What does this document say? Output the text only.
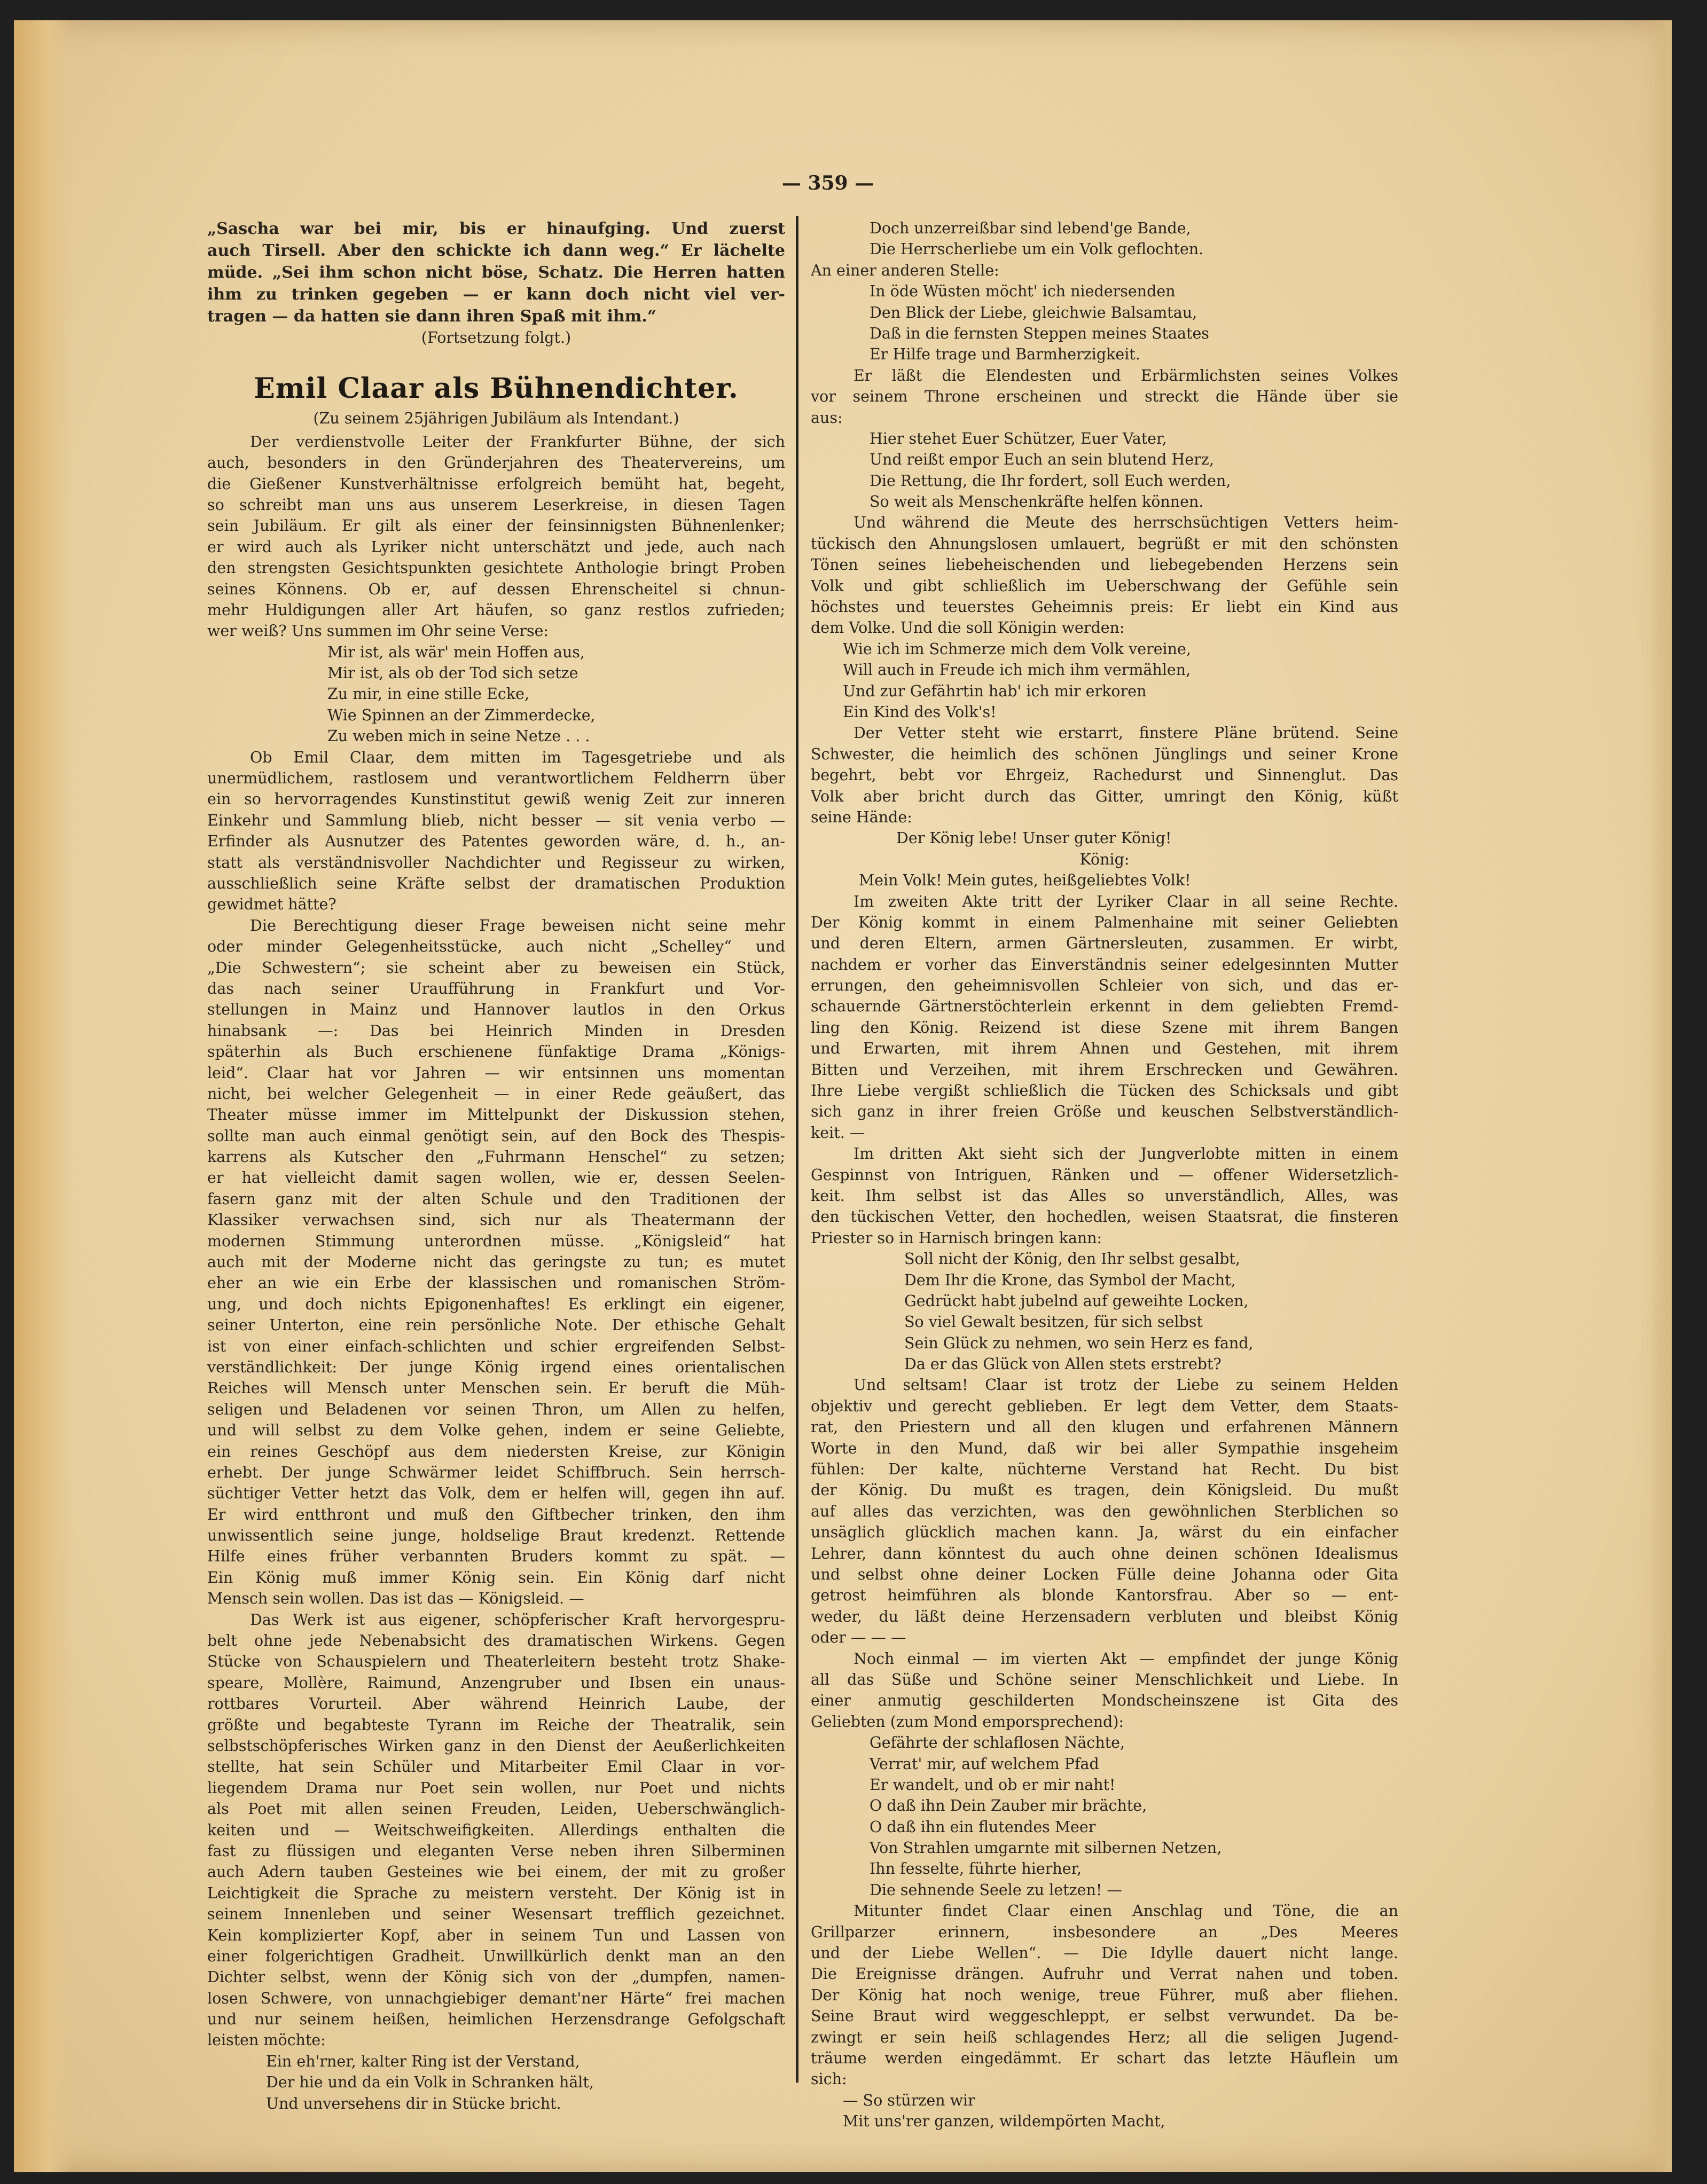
— 359 —
„Sascha war bei mir, bis er hinaufging. Und zuerst
auch Tirsell. Aber den schickte ich dann weg.“ Er lächelte
müde. „Sei ihm schon nicht böse, Schatz. Die Herren hatten
ihm zu trinken gegeben — er kann doch nicht viel ver-
tragen — da hatten sie dann ihren Spaß mit ihm.“
(Fortsetzung folgt.)
Emil Claar als Bühnendichter.
(Zu seinem 25jährigen Jubiläum als Intendant.)
Der verdienstvolle Leiter der Frankfurter Bühne, der sich
auch, besonders in den Gründerjahren des Theatervereins, um
die Gießener Kunstverhältnisse erfolgreich bemüht hat, begeht,
so schreibt man uns aus unserem Leserkreise, in diesen Tagen
sein Jubiläum. Er gilt als einer der feinsinnigsten Bühnenlenker;
er wird auch als Lyriker nicht unterschätzt und jede, auch nach
den strengsten Gesichtspunkten gesichtete Anthologie bringt Proben
seines Könnens. Ob er, auf dessen Ehrenscheitel si chnun-
mehr Huldigungen aller Art häufen, so ganz restlos zufrieden;
wer weiß? Uns summen im Ohr seine Verse:
Mir ist, als wär' mein Hoffen aus,
Mir ist, als ob der Tod sich setze
Zu mir, in eine stille Ecke,
Wie Spinnen an der Zimmerdecke,
Zu weben mich in seine Netze . . .
Ob Emil Claar, dem mitten im Tagesgetriebe und als
unermüdlichem, rastlosem und verantwortlichem Feldherrn über
ein so hervorragendes Kunstinstitut gewiß wenig Zeit zur inneren
Einkehr und Sammlung blieb, nicht besser — sit venia verbo —
Erfinder als Ausnutzer des Patentes geworden wäre, d. h., an-
statt als verständnisvoller Nachdichter und Regisseur zu wirken,
ausschließlich seine Kräfte selbst der dramatischen Produktion
gewidmet hätte?
Die Berechtigung dieser Frage beweisen nicht seine mehr
oder minder Gelegenheitsstücke, auch nicht „Schelley“ und
„Die Schwestern“; sie scheint aber zu beweisen ein Stück,
das nach seiner Uraufführung in Frankfurt und Vor-
stellungen in Mainz und Hannover lautlos in den Orkus
hinabsank —: Das bei Heinrich Minden in Dresden
späterhin als Buch erschienene fünfaktige Drama „Königs-
leid“. Claar hat vor Jahren — wir entsinnen uns momentan
nicht, bei welcher Gelegenheit — in einer Rede geäußert, das
Theater müsse immer im Mittelpunkt der Diskussion stehen,
sollte man auch einmal genötigt sein, auf den Bock des Thespis-
karrens als Kutscher den „Fuhrmann Henschel“ zu setzen;
er hat vielleicht damit sagen wollen, wie er, dessen Seelen-
fasern ganz mit der alten Schule und den Traditionen der
Klassiker verwachsen sind, sich nur als Theatermann der
modernen Stimmung unterordnen müsse. „Königsleid“ hat
auch mit der Moderne nicht das geringste zu tun; es mutet
eher an wie ein Erbe der klassischen und romanischen Ström-
ung, und doch nichts Epigonenhaftes! Es erklingt ein eigener,
seiner Unterton, eine rein persönliche Note. Der ethische Gehalt
ist von einer einfach-schlichten und schier ergreifenden Selbst-
verständlichkeit: Der junge König irgend eines orientalischen
Reiches will Mensch unter Menschen sein. Er beruft die Müh-
seligen und Beladenen vor seinen Thron, um Allen zu helfen,
und will selbst zu dem Volke gehen, indem er seine Geliebte,
ein reines Geschöpf aus dem niedersten Kreise, zur Königin
erhebt. Der junge Schwärmer leidet Schiffbruch. Sein herrsch-
süchtiger Vetter hetzt das Volk, dem er helfen will, gegen ihn auf.
Er wird entthront und muß den Giftbecher trinken, den ihm
unwissentlich seine junge, holdselige Braut kredenzt. Rettende
Hilfe eines früher verbannten Bruders kommt zu spät. —
Ein König muß immer König sein. Ein König darf nicht
Mensch sein wollen. Das ist das — Königsleid. —
Das Werk ist aus eigener, schöpferischer Kraft hervorgespru-
belt ohne jede Nebenabsicht des dramatischen Wirkens. Gegen
Stücke von Schauspielern und Theaterleitern besteht trotz Shake-
speare, Mollère, Raimund, Anzengruber und Ibsen ein unaus-
rottbares Vorurteil. Aber während Heinrich Laube, der
größte und begabteste Tyrann im Reiche der Theatralik, sein
selbstschöpferisches Wirken ganz in den Dienst der Aeußerlichkeiten
stellte, hat sein Schüler und Mitarbeiter Emil Claar in vor-
liegendem Drama nur Poet sein wollen, nur Poet und nichts
als Poet mit allen seinen Freuden, Leiden, Ueberschwänglich-
keiten und — Weitschweifigkeiten. Allerdings enthalten die
fast zu flüssigen und eleganten Verse neben ihren Silberminen
auch Adern tauben Gesteines wie bei einem, der mit zu großer
Leichtigkeit die Sprache zu meistern versteht. Der König ist in
seinem Innenleben und seiner Wesensart trefflich gezeichnet.
Kein komplizierter Kopf, aber in seinem Tun und Lassen von
einer folgerichtigen Gradheit. Unwillkürlich denkt man an den
Dichter selbst, wenn der König sich von der „dumpfen, namen-
losen Schwere, von unnachgiebiger demant'ner Härte“ frei machen
und nur seinem heißen, heimlichen Herzensdrange Gefolgschaft
leisten möchte:
Ein eh'rner, kalter Ring ist der Verstand,
Der hie und da ein Volk in Schranken hält,
Und unversehens dir in Stücke bricht.
Doch unzerreißbar sind lebend'ge Bande,
Die Herrscherliebe um ein Volk geflochten.
An einer anderen Stelle:
In öde Wüsten möcht' ich niedersenden
Den Blick der Liebe, gleichwie Balsamtau,
Daß in die fernsten Steppen meines Staates
Er Hilfe trage und Barmherzigkeit.
Er läßt die Elendesten und Erbärmlichsten seines Volkes
vor seinem Throne erscheinen und streckt die Hände über sie
aus:
Hier stehet Euer Schützer, Euer Vater,
Und reißt empor Euch an sein blutend Herz,
Die Rettung, die Ihr fordert, soll Euch werden,
So weit als Menschenkräfte helfen können.
Und während die Meute des herrschsüchtigen Vetters heim-
tückisch den Ahnungslosen umlauert, begrüßt er mit den schönsten
Tönen seines liebeheischenden und liebegebenden Herzens sein
Volk und gibt schließlich im Ueberschwang der Gefühle sein
höchstes und teuerstes Geheimnis preis: Er liebt ein Kind aus
dem Volke. Und die soll Königin werden:
Wie ich im Schmerze mich dem Volk vereine,
Will auch in Freude ich mich ihm vermählen,
Und zur Gefährtin hab' ich mir erkoren
Ein Kind des Volk's!
Der Vetter steht wie erstarrt, finstere Pläne brütend. Seine
Schwester, die heimlich des schönen Jünglings und seiner Krone
begehrt, bebt vor Ehrgeiz, Rachedurst und Sinnenglut. Das
Volk aber bricht durch das Gitter, umringt den König, küßt
seine Hände:
Der König lebe! Unser guter König!
König:
Mein Volk! Mein gutes, heißgeliebtes Volk!
Im zweiten Akte tritt der Lyriker Claar in all seine Rechte.
Der König kommt in einem Palmenhaine mit seiner Geliebten
und deren Eltern, armen Gärtnersleuten, zusammen. Er wirbt,
nachdem er vorher das Einverständnis seiner edelgesinnten Mutter
errungen, den geheimnisvollen Schleier von sich, und das er-
schauernde Gärtnerstöchterlein erkennt in dem geliebten Fremd-
ling den König. Reizend ist diese Szene mit ihrem Bangen
und Erwarten, mit ihrem Ahnen und Gestehen, mit ihrem
Bitten und Verzeihen, mit ihrem Erschrecken und Gewähren.
Ihre Liebe vergißt schließlich die Tücken des Schicksals und gibt
sich ganz in ihrer freien Größe und keuschen Selbstverständlich-
keit. —
Im dritten Akt sieht sich der Jungverlobte mitten in einem
Gespinnst von Intriguen, Ränken und — offener Widersetzlich-
keit. Ihm selbst ist das Alles so unverständlich, Alles, was
den tückischen Vetter, den hochedlen, weisen Staatsrat, die finsteren
Priester so in Harnisch bringen kann:
Soll nicht der König, den Ihr selbst gesalbt,
Dem Ihr die Krone, das Symbol der Macht,
Gedrückt habt jubelnd auf geweihte Locken,
So viel Gewalt besitzen, für sich selbst
Sein Glück zu nehmen, wo sein Herz es fand,
Da er das Glück von Allen stets erstrebt?
Und seltsam! Claar ist trotz der Liebe zu seinem Helden
objektiv und gerecht geblieben. Er legt dem Vetter, dem Staats-
rat, den Priestern und all den klugen und erfahrenen Männern
Worte in den Mund, daß wir bei aller Sympathie insgeheim
fühlen: Der kalte, nüchterne Verstand hat Recht. Du bist
der König. Du mußt es tragen, dein Königsleid. Du mußt
auf alles das verzichten, was den gewöhnlichen Sterblichen so
unsäglich glücklich machen kann. Ja, wärst du ein einfacher
Lehrer, dann könntest du auch ohne deinen schönen Idealismus
und selbst ohne deiner Locken Fülle deine Johanna oder Gita
getrost heimführen als blonde Kantorsfrau. Aber so — ent-
weder, du läßt deine Herzensadern verbluten und bleibst König
oder — — —
Noch einmal — im vierten Akt — empfindet der junge König
all das Süße und Schöne seiner Menschlichkeit und Liebe. In
einer anmutig geschilderten Mondscheinszene ist Gita des
Geliebten (zum Mond emporsprechend):
Gefährte der schlaflosen Nächte,
Verrat' mir, auf welchem Pfad
Er wandelt, und ob er mir naht!
O daß ihn Dein Zauber mir brächte,
O daß ihn ein flutendes Meer
Von Strahlen umgarnte mit silbernen Netzen,
Ihn fesselte, führte hierher,
Die sehnende Seele zu letzen! —
Mitunter findet Claar einen Anschlag und Töne, die an
Grillparzer erinnern, insbesondere an „Des Meeres
und der Liebe Wellen“. — Die Idylle dauert nicht lange.
Die Ereignisse drängen. Aufruhr und Verrat nahen und toben.
Der König hat noch wenige, treue Führer, muß aber fliehen.
Seine Braut wird weggeschleppt, er selbst verwundet. Da be-
zwingt er sein heiß schlagendes Herz; all die seligen Jugend-
träume werden eingedämmt. Er schart das letzte Häuflein um
sich:
— So stürzen wir
Mit uns'rer ganzen, wildempörten Macht,
